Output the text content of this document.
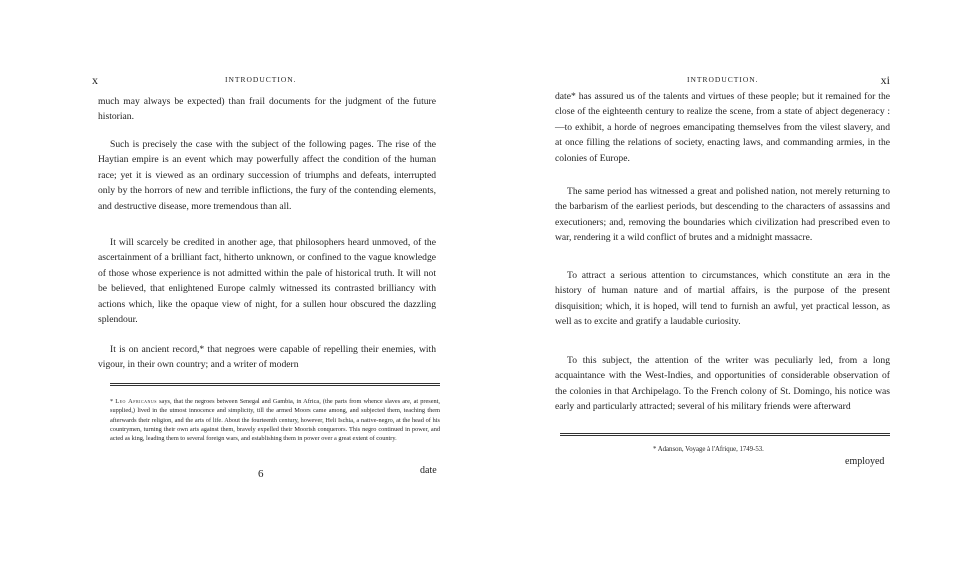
x	INTRODUCTION.

much may always be expected) than frail documents for the judgment of the future historian.

Such is precisely the case with the subject of the following pages. The rise of the Haytian empire is an event which may powerfully affect the condition of the human race; yet it is viewed as an ordinary succession of triumphs and defeats, interrupted only by the horrors of new and terrible inflictions, the fury of the contending elements, and destructive disease, more tremendous than all.

It will scarcely be credited in another age, that philosophers heard unmoved, of the ascertainment of a brilliant fact, hitherto unknown, or confined to the vague knowledge of those whose experience is not admitted within the pale of historical truth. It will not be believed, that enlightened Europe calmly witnessed its contrasted brilliancy with actions which, like the opaque view of night, for a sullen hour obscured the dazzling splendour.

It is on ancient record,* that negroes were capable of repelling their enemies, with vigour, in their own country; and a writer of modern

* Leo Africanus says, that the negroes between Senegal and Gambia, in Africa, (the parts from whence slaves are, at present, supplied,) lived in the utmost innocence and simplicity, till the armed Moors came among, and subjected them, teaching them afterwards their religion, and the arts of life. About the fourteenth century, however, Heli Ischia, a native-negro, at the head of his countrymen, turning their own arts against them, bravely expelled their Moorish conquerors. This negro continued in power, and acted as king, leading them to several foreign wars, and establishing them in power over a great extent of country.

6	date
INTRODUCTION.	xi

date* has assured us of the talents and virtues of these people; but it remained for the close of the eighteenth century to realize the scene, from a state of abject degeneracy :—to exhibit, a horde of negroes emancipating themselves from the vilest slavery, and at once filling the relations of society, enacting laws, and commanding armies, in the colonies of Europe.

The same period has witnessed a great and polished nation, not merely returning to the barbarism of the earliest periods, but descending to the characters of assassins and executioners; and, removing the boundaries which civilization had prescribed even to war, rendering it a wild conflict of brutes and a midnight massacre.

To attract a serious attention to circumstances, which constitute an æra in the history of human nature and of martial affairs, is the purpose of the present disquisition; which, it is hoped, will tend to furnish an awful, yet practical lesson, as well as to excite and gratify a laudable curiosity.

To this subject, the attention of the writer was peculiarly led, from a long acquaintance with the West-Indies, and opportunities of considerable observation of the colonies in that Archipelago. To the French colony of St. Domingo, his notice was early and particularly attracted; several of his military friends were afterward

* Adanson, Voyage à l'Afrique, 1749-53.

employed
